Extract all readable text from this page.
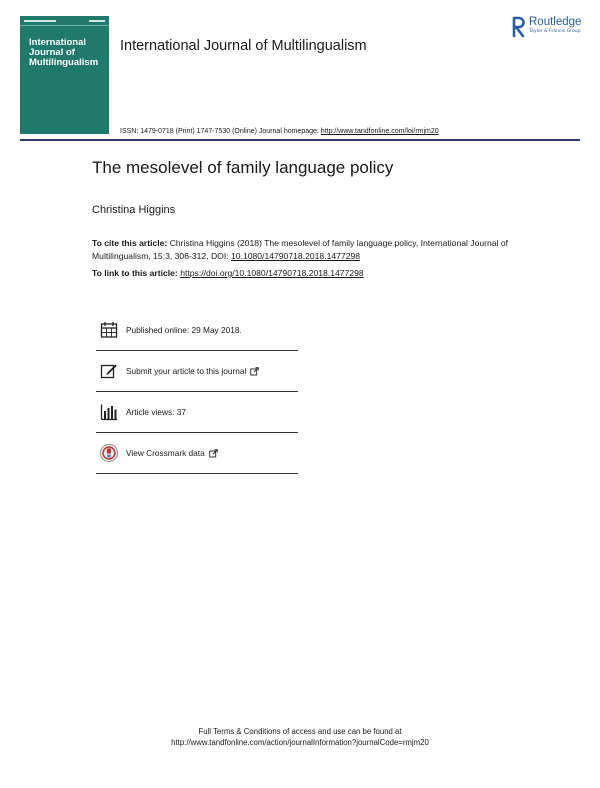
International
Journal of
Multilingualism
International Journal of Multilingualism
Routledge
Taylor & Francis Group
ISSN: 1479-0718 (Print) 1747-7530 (Online) Journal homepage: http://www.tandfonline.com/loi/rmjm20
The mesolevel of family language policy
Christina Higgins
To cite this article: Christina Higgins (2018) The mesolevel of family language policy, International Journal of Multilingualism, 15:3, 306-312, DOI: 10.1080/14790718.2018.1477298
To link to this article: https://doi.org/10.1080/14790718.2018.1477298
Published online: 29 May 2018.
Submit your article to this journal
Article views: 37
View Crossmark data
Full Terms & Conditions of access and use can be found at
http://www.tandfonline.com/action/journalInformation?journalCode=rmjm20
